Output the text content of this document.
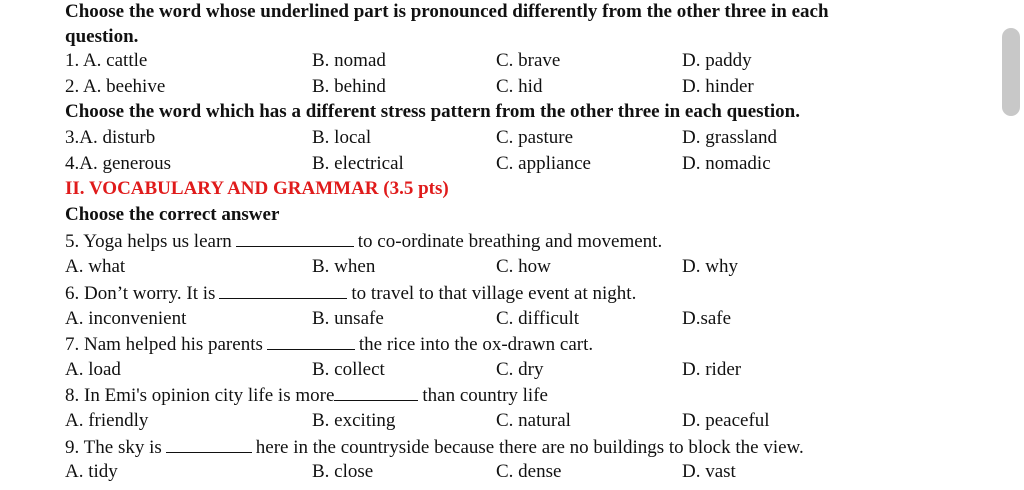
Choose the word whose underlined part is pronounced differently from the other three in each
question.
1. A. cattle	B. nomad	C. brave	D. paddy
2. A. beehive	B. behind	C. hid	D. hinder
Choose the word which has a different stress pattern from the other three in each question.
3.A. disturb	B. local	C. pasture	D. grassland
4.A. generous	B. electrical	C. appliance	D. nomadic
II. VOCABULARY AND GRAMMAR (3.5 pts)
Choose the correct answer
5. Yoga helps us learn	to co-ordinate breathing and movement.
A. what	B. when	C. how	D. why
6. Don’t worry. It is	to travel to that village event at night.
A. inconvenient	B. unsafe	C. difficult	D.safe
7. Nam helped his parents	the rice into the ox-drawn cart.
A. load	B. collect	C. dry	D. rider
8. In Emi's opinion city life is more	than country life
A. friendly	B. exciting	C. natural	D. peaceful
9. The sky is	here in the countryside because there are no buildings to block the view.
A. tidy	B. close	C. dense	D. vast
